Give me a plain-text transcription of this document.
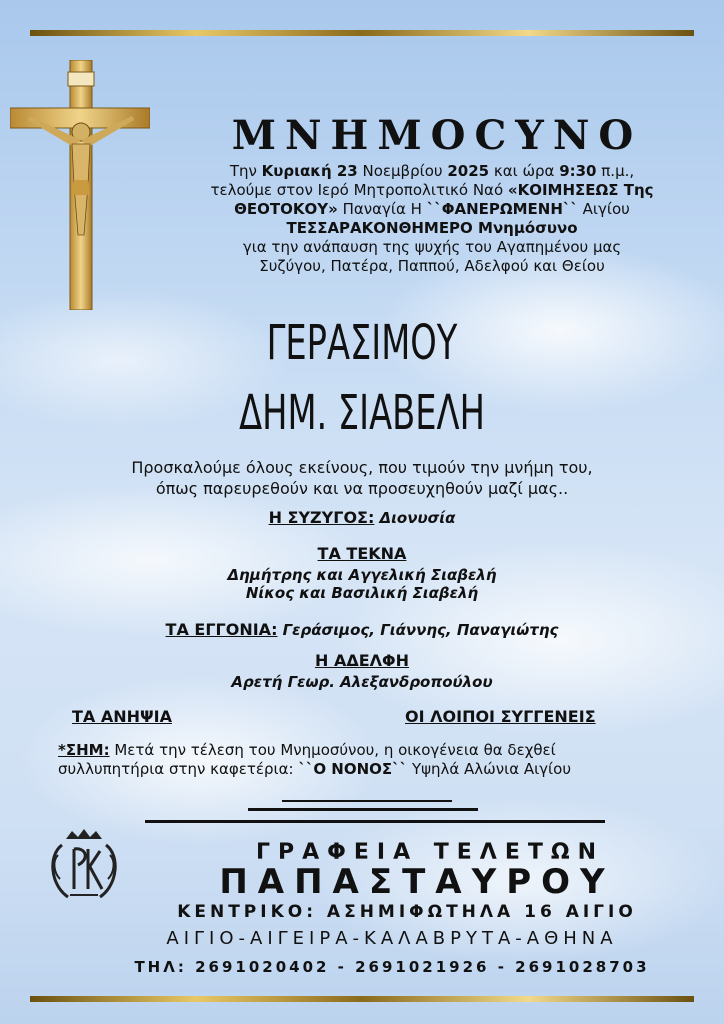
ΜΝΗΜΟCΥΝΟ
Την Κυριακή 23 Νοεμβρίου 2025 και ώρα 9:30 π.μ.,
τελούμε στον Ιερό Μητροπολιτικό Ναό «ΚΟΙΜΗΣΕΩΣ Της
ΘΕΟΤΟΚΟΥ» Παναγία Η ``ΦΑΝΕΡΩΜΕΝΗ`` Αιγίου
ΤΕΣΣΑΡΑΚΟΝΘΗΜΕΡΟ Μνημόσυνο
για την ανάπαυση της ψυχής του Αγαπημένου μας
Συζύγου, Πατέρα, Παππού, Αδελφού και Θείου
ΓΕΡΑΣΙΜΟΥ
ΔΗΜ. ΣΙΑΒΕΛΗ
Προσκαλούμε όλους εκείνους, που τιμούν την μνήμη του,
όπως παρευρεθούν και να προσευχηθούν μαζί μας..
Η ΣΥΖΥΓΟΣ: Διονυσία
ΤΑ ΤΕΚΝΑ
Δημήτρης και Αγγελική Σιαβελή
Νίκος και Βασιλική Σιαβελή
ΤΑ ΕΓΓΟΝΙΑ: Γεράσιμος, Γιάννης, Παναγιώτης
Η ΑΔΕΛΦΗ
Αρετή Γεωρ. Αλεξανδροπούλου
ΤΑ ΑΝΗΨΙΑ	ΟΙ ΛΟΙΠΟΙ ΣΥΓΓΕΝΕΙΣ
*ΣΗΜ: Μετά την τέλεση του Μνημοσύνου, η οικογένεια θα δεχθεί
συλλυπητήρια στην καφετέρια: ``Ο ΝΟΝΟΣ`` Υψηλά Αλώνια Αιγίου
ΓΡΑΦΕΙΑ ΤΕΛΕΤΩΝ
ΠΑΠΑΣΤΑΥΡΟΥ
ΚΕΝΤΡΙΚΟ: ΑΣΗΜΙΦΩΤΗΛΑ 16 ΑΙΓΙΟ
ΑΙΓΙΟ-ΑΙΓΕΙΡΑ-ΚΑΛΑΒΡΥΤΑ-ΑΘΗΝΑ
ΤΗΛ: 2691020402 - 2691021926 - 2691028703
